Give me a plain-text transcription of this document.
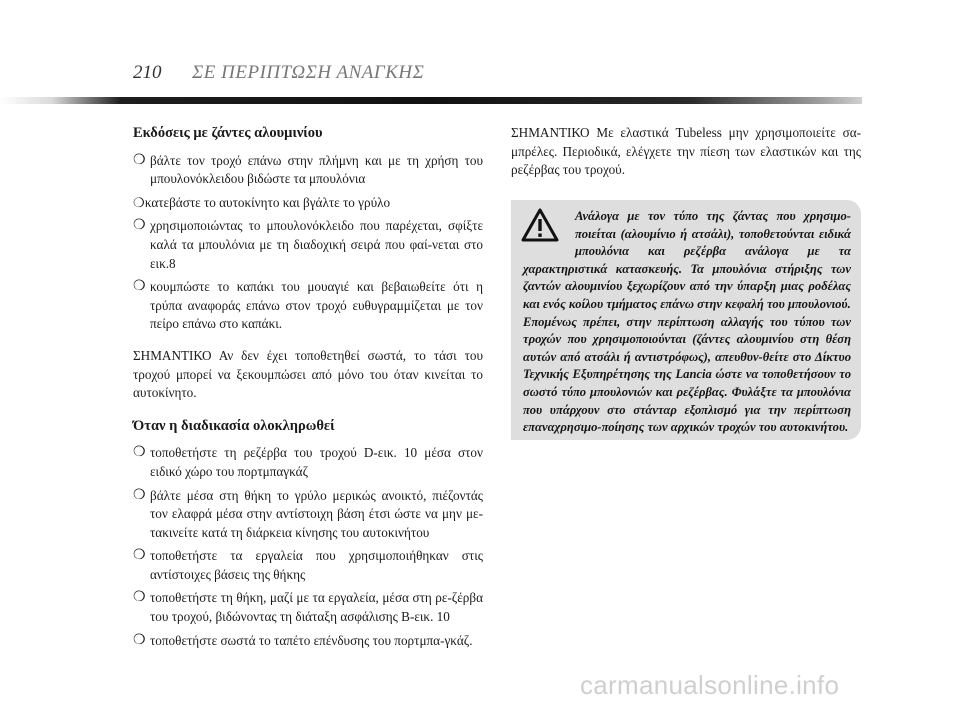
210 ΣΕ ΠΕΡΙΠΤΩΣΗ ΑΝΑΓΚΗΣ
Εκδόσεις με ζάντες αλουμινίου
❍ βάλτε τον τροχό επάνω στην πλήμνη και με τη χρήση του μπουλονόκλειδου βιδώστε τα μπουλόνια
❍κατεβάστε το αυτοκίνητο και βγάλτε το γρύλο
❍ χρησιμοποιώντας το μπουλονόκλειδο που παρέχεται, σφίξτε καλά τα μπουλόνια με τη διαδοχική σειρά που φαί-νεται στο εικ.8
❍ κουμπώστε το καπάκι του μουαγιέ και βεβαιωθείτε ότι η τρύπα αναφοράς επάνω στον τροχό ευθυγραμμίζεται με τον πείρο επάνω στο καπάκι.

ΣΗΜΑΝΤΙΚΟ Αν δεν έχει τοποθετηθεί σωστά, το τάσι του τροχού μπορεί να ξεκουμπώσει από μόνο του όταν κινείται το αυτοκίνητο.

Όταν η διαδικασία ολοκληρωθεί
❍ τοποθετήστε τη ρεζέρβα του τροχού D-εικ. 10 μέσα στον ειδικό χώρο του πορτμπαγκάζ
❍ βάλτε μέσα στη θήκη το γρύλο μερικώς ανοικτό, πιέζοντάς τον ελαφρά μέσα στην αντίστοιχη βάση έτσι ώστε να μην με-τακινείτε κατά τη διάρκεια κίνησης του αυτοκινήτου
❍ τοποθετήστε τα εργαλεία που χρησιμοποιήθηκαν στις αντίστοιχες βάσεις της θήκης
❍ τοποθετήστε τη θήκη, μαζί με τα εργαλεία, μέσα στη ρε-ζέρβα του τροχού, βιδώνοντας τη διάταξη ασφάλισης B-εικ. 10
❍ τοποθετήστε σωστά το ταπέτο επένδυσης του πορτμπα-γκάζ.

ΣΗΜΑΝΤΙΚΟ Με ελαστικά Tubeless μην χρησιμοποιείτε σα-μπρέλες. Περιοδικά, ελέγχετε την πίεση των ελαστικών και της ρεζέρβας του τροχού.

Ανάλογα με τον τύπο της ζάντας που χρησιμο-ποιείται (αλουμίνιο ή ατσάλι), τοποθετούνται ειδικά μπουλόνια και ρεζέρβα ανάλογα με τα χαρακτηριστικά κατασκευής. Τα μπουλόνια στήριξης των ζαντών αλουμινίου ξεχωρίζουν από την ύπαρξη μιας ροδέλας και ενός κοίλου τμήματος επάνω στην κεφαλή του μπουλονιού.
Επομένως πρέπει, στην περίπτωση αλλαγής του τύπου των τροχών που χρησιμοποιούνται (ζάντες αλουμινίου στη θέση αυτών από ατσάλι ή αντιστρόφως), απευθυν-θείτε στο Δίκτυο Τεχνικής Εξυπηρέτησης της Lancia ώστε να τοποθετήσουν το σωστό τύπο μπουλονιών και ρεζέρβας. Φυλάξτε τα μπουλόνια που υπάρχουν στο στάνταρ εξοπλισμό για την περίπτωση επαναχρησιμο-ποίησης των αρχικών τροχών του αυτοκινήτου.
carmanualsonline.info
